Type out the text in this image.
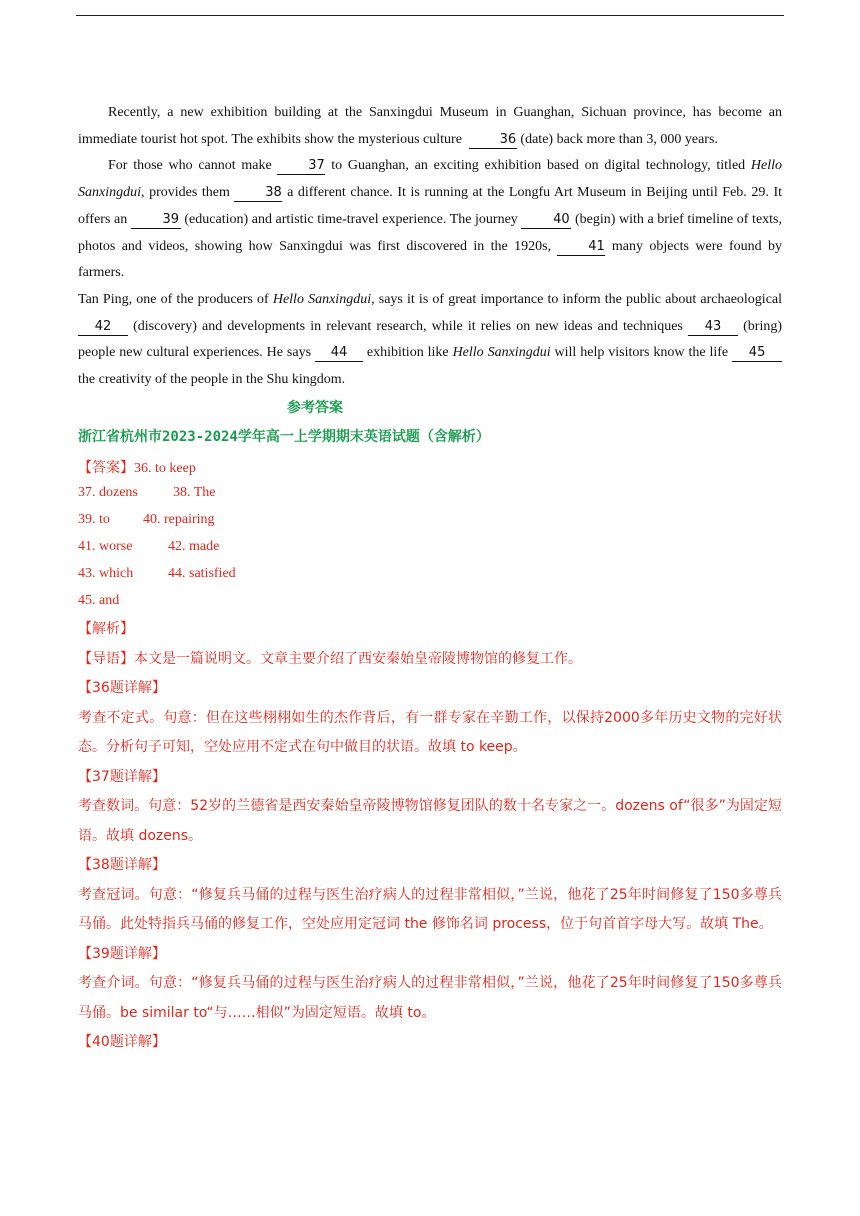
Recently, a new exhibition building at the Sanxingdui Museum in Guanghan, Sichuan province, has become an immediate tourist hot spot. The exhibits show the mysterious culture	36 (date) back more than 3, 000 years.

For those who cannot make	37 to Guanghan, an exciting exhibition based on digital technology, titled Hello Sanxingdui, provides them	38 a different chance. It is running at the Longfu Art Museum in Beijing until Feb. 29. It offers an	39 (education) and artistic time-travel experience. The journey	40 (begin) with a brief timeline of texts, photos and videos, showing how Sanxingdui was first discovered in the 1920s,	41 many objects were found by farmers.

Tan Ping, one of the producers of Hello Sanxingdui, says it is of great importance to inform the public about archaeological 42 (discovery) and developments in relevant research, while it relies on new ideas and techniques 43 (bring) people new cultural experiences. He says 44 exhibition like Hello Sanxingdui will help visitors know the life 45 the creativity of the people in the Shu kingdom.

参考答案
浙江省杭州市2023-2024学年高一上学期期末英语试题（含解析）
【答案】36. to keep
37. dozens	38. The
39. to 40. repairing
41. worse	42. made
43. which 44. satisfied
45. and
【解析】
【导语】本文是一篇说明文。文章主要介绍了西安秦始皇帝陵博物馆的修复工作。
【36题详解】
考查不定式。句意：但在这些栩栩如生的杰作背后，有一群专家在辛勤工作，以保持2000多年历史文物的完好状态。分析句子可知，空处应用不定式在句中做目的状语。故填 to keep。
【37题详解】
考查数词。句意：52岁的兰德省是西安秦始皇帝陵博物馆修复团队的数十名专家之一。dozens of“很多”为固定短语。故填 dozens。
【38题详解】
考查冠词。句意：“修复兵马俑的过程与医生治疗病人的过程非常相似，”兰说，他花了25年时间修复了150多尊兵马俑。此处特指兵马俑的修复工作，空处应用定冠词 the 修饰名词 process，位于句首首字母大写。故填 The。
【39题详解】
考查介词。句意：“修复兵马俑的过程与医生治疗病人的过程非常相似，”兰说，他花了25年时间修复了150多尊兵马俑。be similar to“与……相似”为固定短语。故填 to。
【40题详解】
